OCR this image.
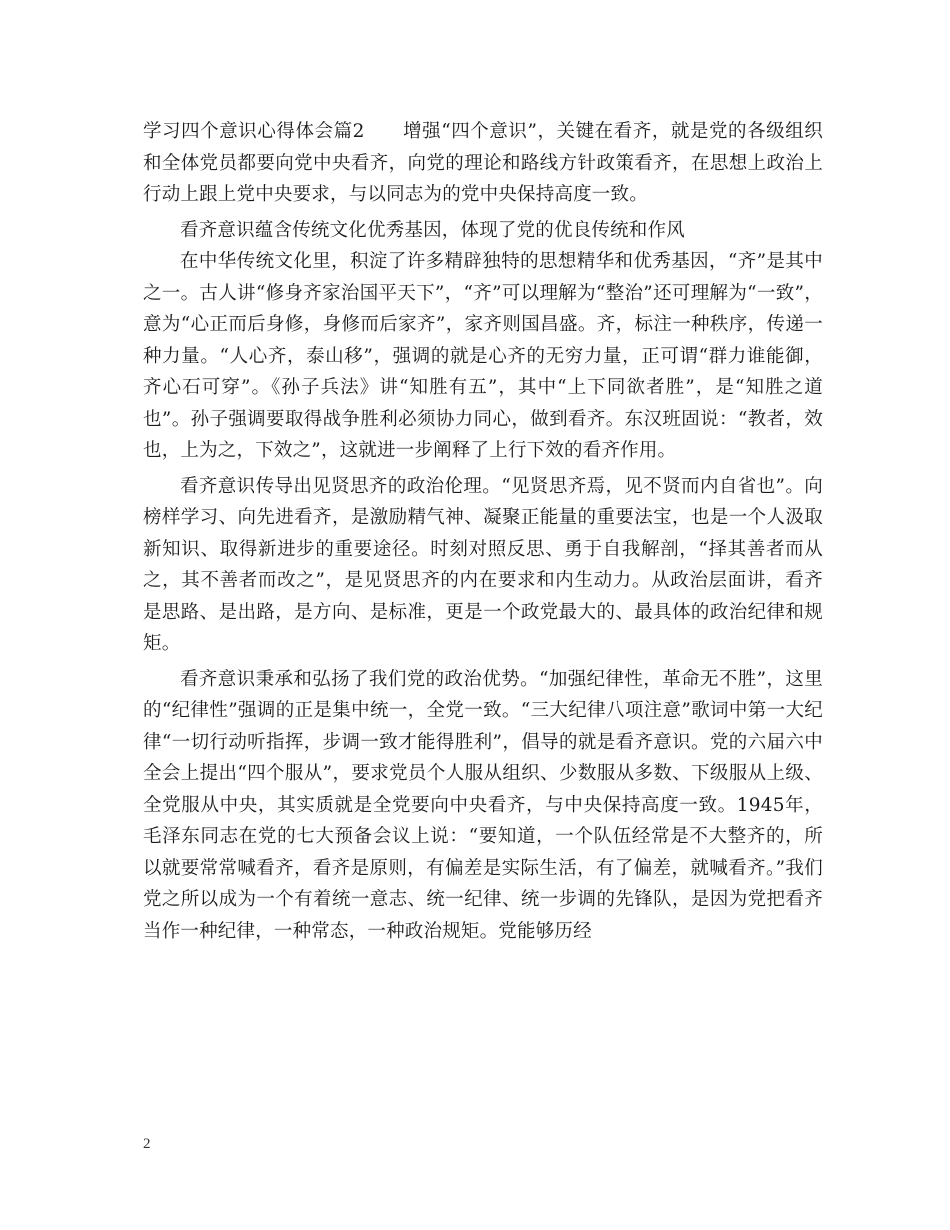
学习四个意识心得体会篇2　　增强“四个意识”，关键在看齐，就是党的各级组织和全体党员都要向党中央看齐，向党的理论和路线方针政策看齐，在思想上政治上行动上跟上党中央要求，与以同志为的党中央保持高度一致。

看齐意识蕴含传统文化优秀基因，体现了党的优良传统和作风

在中华传统文化里，积淀了许多精辟独特的思想精华和优秀基因，“齐”是其中之一。古人讲“修身齐家治国平天下”，“齐”可以理解为“整治”还可理解为“一致”，意为“心正而后身修，身修而后家齐”，家齐则国昌盛。齐，标注一种秩序，传递一种力量。“人心齐，泰山移”，强调的就是心齐的无穷力量，正可谓“群力谁能御，齐心石可穿”。《孙子兵法》讲“知胜有五”，其中“上下同欲者胜”，是“知胜之道也”。孙子强调要取得战争胜利必须协力同心，做到看齐。东汉班固说：“教者，效也，上为之，下效之”，这就进一步阐释了上行下效的看齐作用。

看齐意识传导出见贤思齐的政治伦理。“见贤思齐焉，见不贤而内自省也”。向榜样学习、向先进看齐，是激励精气神、凝聚正能量的重要法宝，也是一个人汲取新知识、取得新进步的重要途径。时刻对照反思、勇于自我解剖，“择其善者而从之，其不善者而改之”，是见贤思齐的内在要求和内生动力。从政治层面讲，看齐是思路、是出路，是方向、是标准，更是一个政党最大的、最具体的政治纪律和规矩。

看齐意识秉承和弘扬了我们党的政治优势。“加强纪律性，革命无不胜”，这里的“纪律性”强调的正是集中统一，全党一致。“三大纪律八项注意”歌词中第一大纪律“一切行动听指挥，步调一致才能得胜利”，倡导的就是看齐意识。党的六届六中全会上提出“四个服从”，要求党员个人服从组织、少数服从多数、下级服从上级、全党服从中央，其实质就是全党要向中央看齐，与中央保持高度一致。1945年，毛泽东同志在党的七大预备会议上说：“要知道，一个队伍经常是不大整齐的，所以就要常常喊看齐，看齐是原则，有偏差是实际生活，有了偏差，就喊看齐。”我们党之所以成为一个有着统一意志、统一纪律、统一步调的先锋队，是因为党把看齐当作一种纪律，一种常态，一种政治规矩。党能够历经

2
